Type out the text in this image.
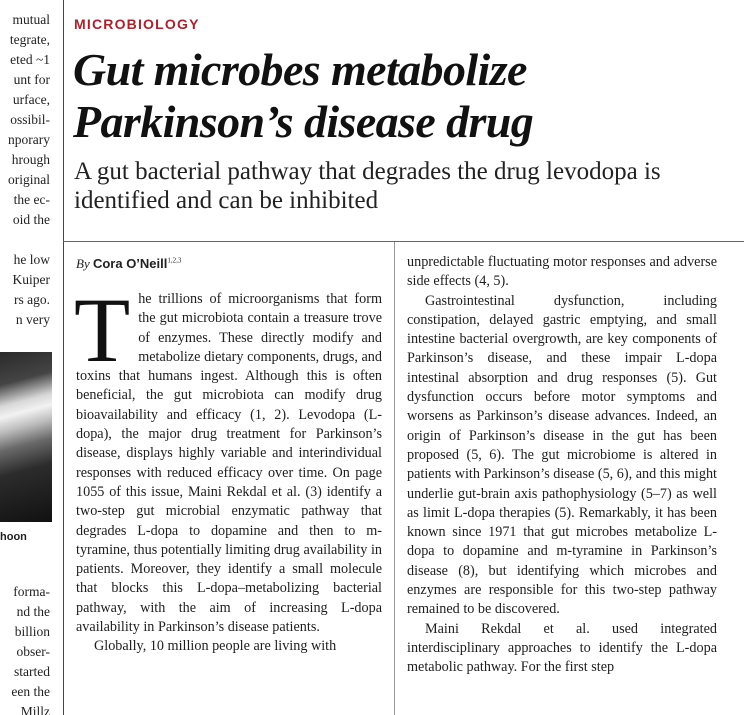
mutual
tegrate,
eted ~1
unt for
urface,
ossibil-
nporary
hrough
original
the ec-
oid the
he low
Kuiper
rs ago.
n very
forma-
nd the
billion
obser-
started
een the
Millz
hoon
MICROBIOLOGY
Gut microbes metabolize
Parkinson’s disease drug
A gut bacterial pathway that degrades the drug levodopa is identified and can be inhibited
By Cora O’Neill$^{1,2,3}$
T he trillions of microorganisms that form the gut microbiota contain a treasure trove of enzymes. These directly modify and metabolize dietary components, drugs, and toxins that humans ingest. Although this is often beneficial, the gut microbiota can modify drug bioavailability and efficacy (1, 2). Levodopa (L-dopa), the major drug treatment for Parkinson’s disease, displays highly variable and interindividual responses with reduced efficacy over time. On page 1055 of this issue, Maini Rekdal et al. (3) identify a two-step gut microbial enzymatic pathway that degrades L-dopa to dopamine and then to m-tyramine, thus potentially limiting drug availability in patients. Moreover, they identify a small molecule that blocks this L-dopa–metabolizing bacterial pathway, with the aim of increasing L-dopa availability in Parkinson’s disease patients.

Globally, 10 million people are living with

unpredictable fluctuating motor responses and adverse side effects (4, 5).

Gastrointestinal dysfunction, including constipation, delayed gastric emptying, and small intestine bacterial overgrowth, are key components of Parkinson’s disease, and these impair L-dopa intestinal absorption and drug responses (5). Gut dysfunction occurs before motor symptoms and worsens as Parkinson’s disease advances. Indeed, an origin of Parkinson’s disease in the gut has been proposed (5, 6). The gut microbiome is altered in patients with Parkinson’s disease (5, 6), and this might underlie gut-brain axis pathophysiology (5–7) as well as limit L-dopa therapies (5). Remarkably, it has been known since 1971 that gut microbes metabolize L-dopa to dopamine and m-tyramine in Parkinson’s disease (8), but identifying which microbes and enzymes are responsible for this two-step pathway remained to be discovered.

Maini Rekdal et al. used integrated interdisciplinary approaches to identify the L-dopa metabolic pathway. For the first step
